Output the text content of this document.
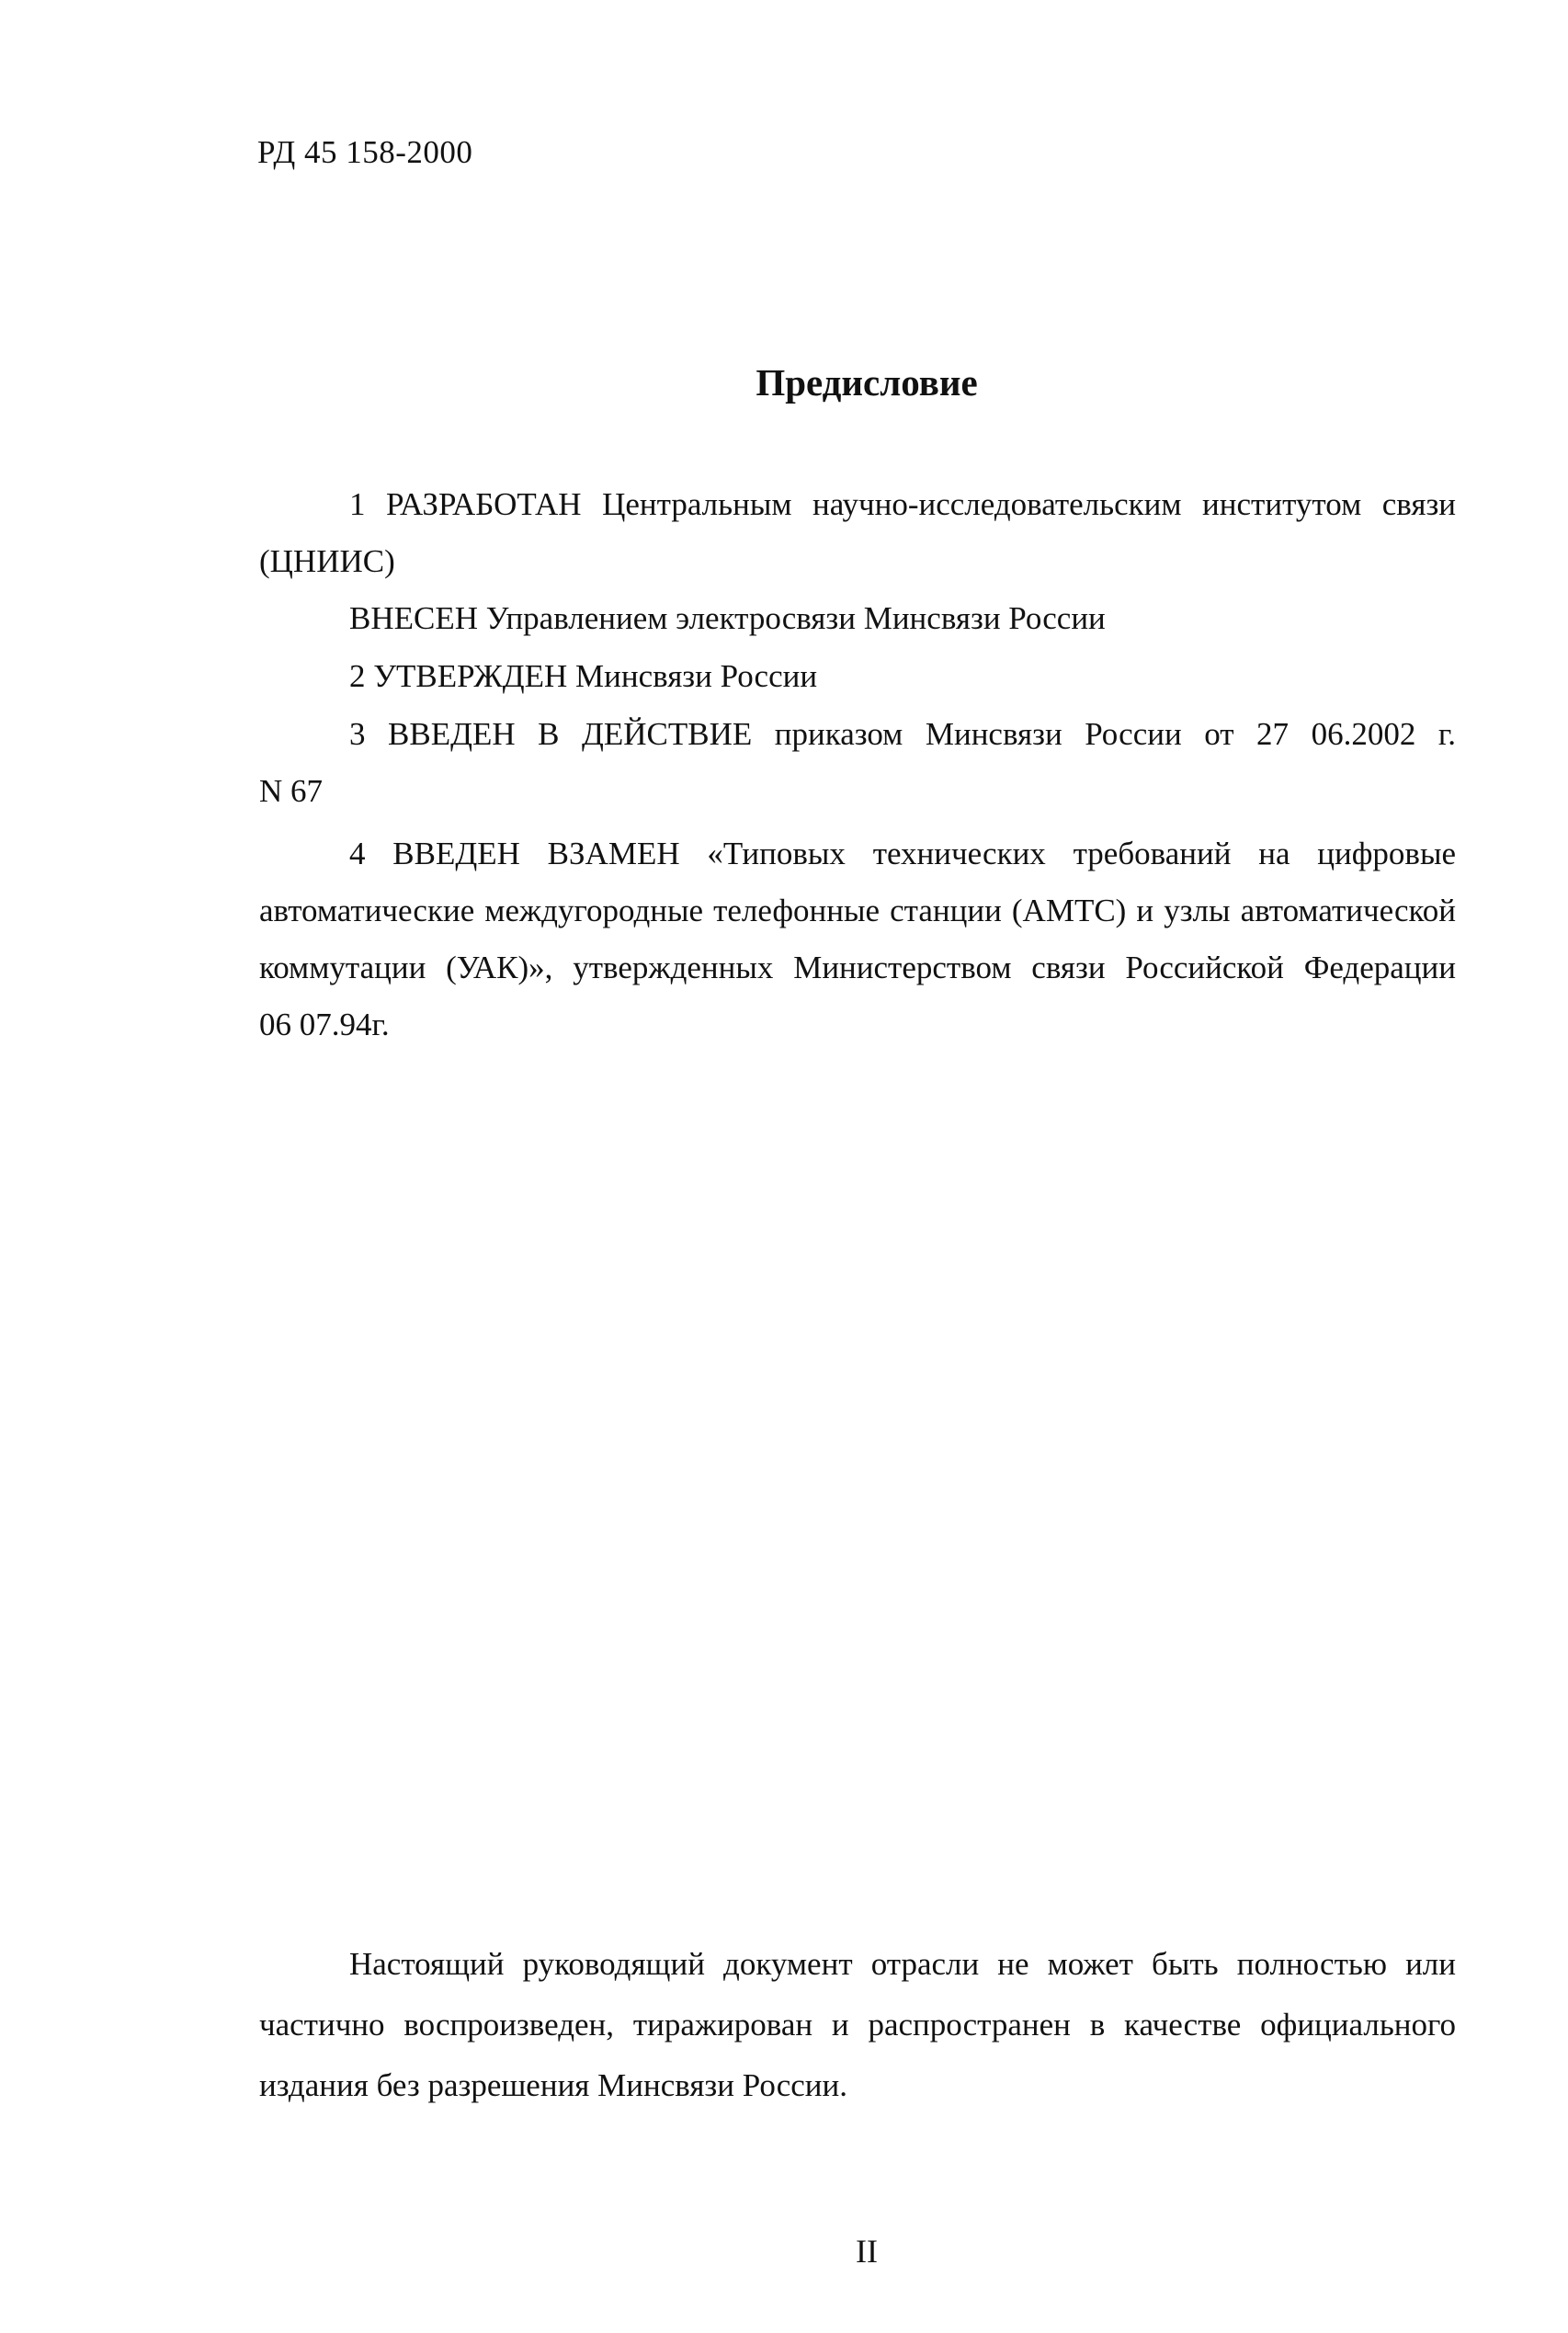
РД 45 158-2000
Предисловие
1 РАЗРАБОТАН Центральным научно-исследовательским институтом связи
(ЦНИИС)
ВНЕСЕН Управлением электросвязи Минсвязи России
2 УТВЕРЖДЕН Минсвязи России
3 ВВЕДЕН В ДЕЙСТВИЕ приказом Минсвязи России от 27 06.2002 г.
N 67
4 ВВЕДЕН ВЗАМЕН «Типовых технических требований на цифровые
автоматические междугородные телефонные станции (АМТС) и узлы автоматической
коммутации (УАК)», утвержденных Министерством связи Российской Федерации
06 07.94г.
Настоящий руководящий документ отрасли не может быть полностью или
частично воспроизведен, тиражирован и распространен в качестве официального
издания без разрешения Минсвязи России.
II
